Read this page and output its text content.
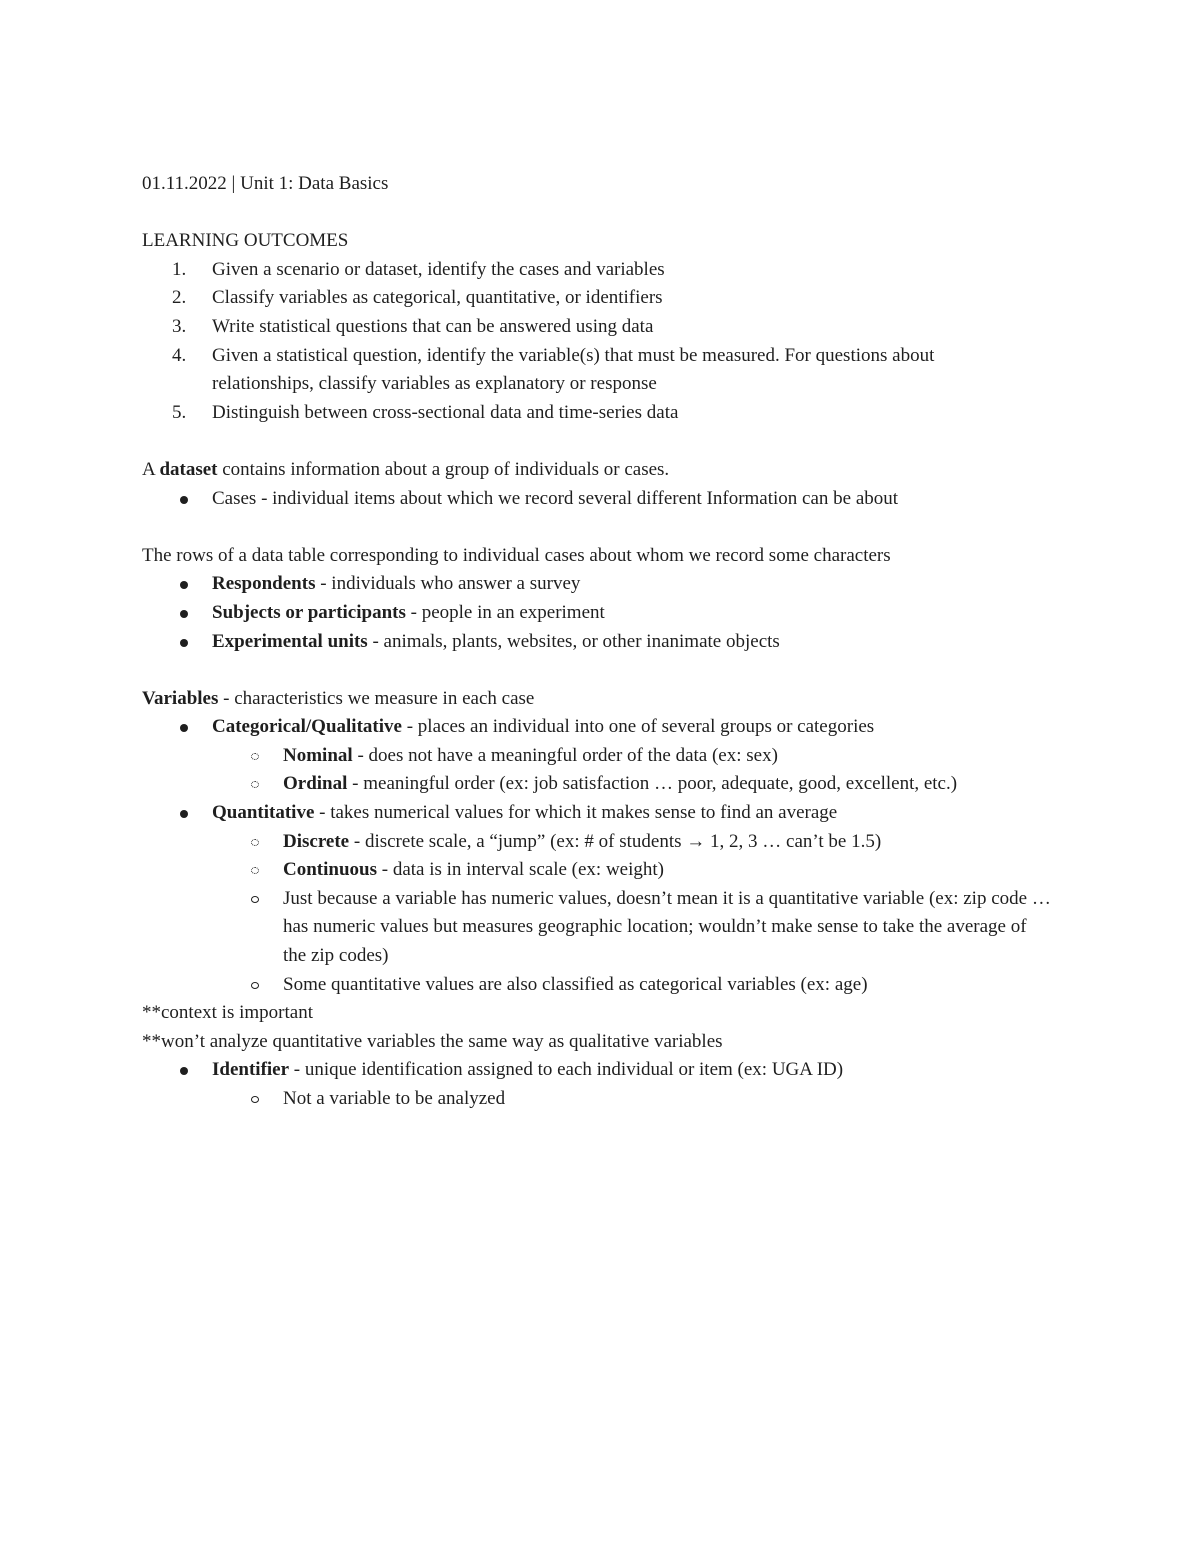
01.11.2022 | Unit 1: Data Basics
LEARNING OUTCOMES
1.	Given a scenario or dataset, identify the cases and variables
2.	Classify variables as categorical, quantitative, or identifiers
3.	Write statistical questions that can be answered using data
4.	Given a statistical question, identify the variable(s) that must be measured. For questions about relationships, classify variables as explanatory or response
5.	Distinguish between cross-sectional data and time-series data
A dataset contains information about a group of individuals or cases.
Cases - individual items about which we record several different Information can be about
The rows of a data table corresponding to individual cases about whom we record some characters
Respondents - individuals who answer a survey
Subjects or participants - people in an experiment
Experimental units - animals, plants, websites, or other inanimate objects
Variables - characteristics we measure in each case
Categorical/Qualitative - places an individual into one of several groups or categories
Nominal - does not have a meaningful order of the data (ex: sex)
Ordinal - meaningful order (ex: job satisfaction … poor, adequate, good, excellent, etc.)
Quantitative - takes numerical values for which it makes sense to find an average
Discrete - discrete scale, a “jump” (ex: # of students → 1, 2, 3 … can’t be 1.5)
Continuous - data is in interval scale (ex: weight)
Just because a variable has numeric values, doesn’t mean it is a quantitative variable (ex: zip code … has numeric values but measures geographic location; wouldn’t make sense to take the average of the zip codes)
Some quantitative values are also classified as categorical variables (ex: age)
**context is important
**won’t analyze quantitative variables the same way as qualitative variables
Identifier - unique identification assigned to each individual or item (ex: UGA ID)
Not a variable to be analyzed
